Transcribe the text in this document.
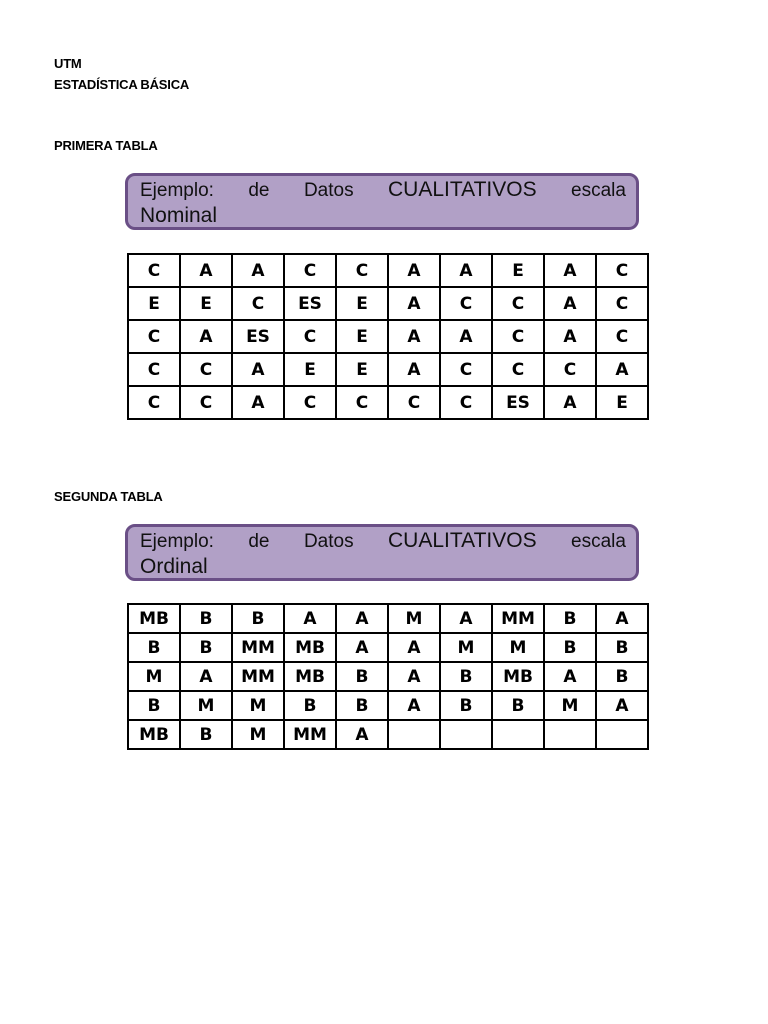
UTM
ESTADÍSTICA BÁSICA
PRIMERA TABLA
Ejemplo: de Datos CUALITATIVOS escala
Nominal
C	A	A	C	C	A	A	E	A	C
E	E	C	ES	E	A	C	C	A	C
C	A	ES	C	E	A	A	C	A	C
C	C	A	E	E	A	C	C	C	A
C	C	A	C	C	C	C	ES	A	E
SEGUNDA TABLA
Ejemplo: de Datos CUALITATIVOS escala
Ordinal
MB	B	B	A	A	M	A	MM	B	A
B	B	MM	MB	A	A	M	M	B	B
M	A	MM	MB	B	A	B	MB	A	B
B	M	M	B	B	A	B	B	M	A
MB	B	M	MM	A					
